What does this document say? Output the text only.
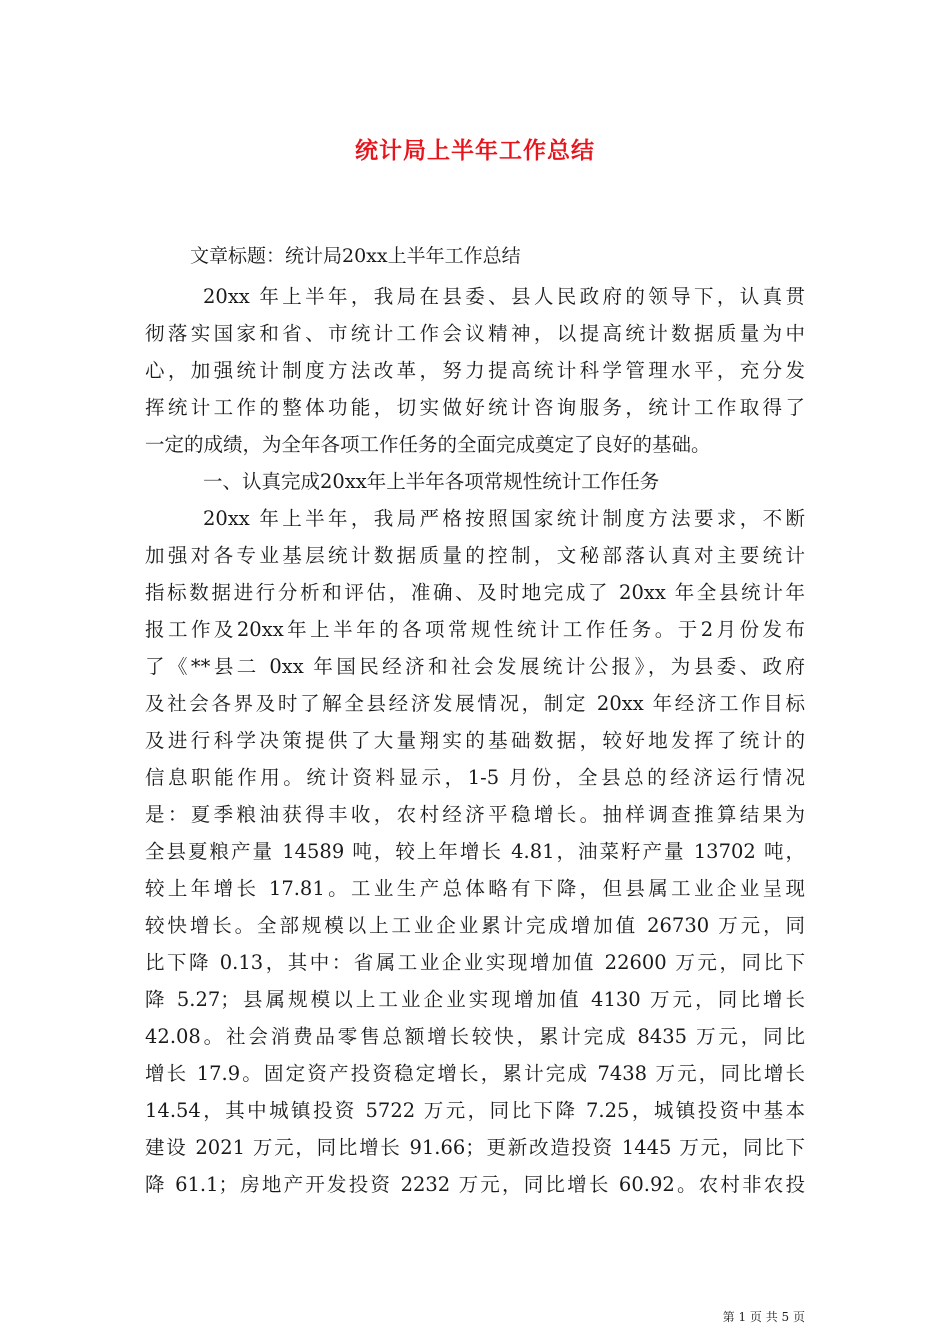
统计局上半年工作总结
文章标题：统计局20xx上半年工作总结
20xx 年上半年，我局在县委、县人民政府的领导下，认真贯
彻落实国家和省、市统计工作会议精神，以提高统计数据质量为中
心，加强统计制度方法改革，努力提高统计科学管理水平，充分发
挥统计工作的整体功能，切实做好统计咨询服务，统计工作取得了
一定的成绩，为全年各项工作任务的全面完成奠定了良好的基础。
一、认真完成20xx年上半年各项常规性统计工作任务
20xx 年上半年，我局严格按照国家统计制度方法要求，不断
加强对各专业基层统计数据质量的控制，文秘部落认真对主要统计
指标数据进行分析和评估，准确、及时地完成了 20xx 年全县统计年
报工作及20xx年上半年的各项常规性统计工作任务。于2月份发布
了《**县二 0xx 年国民经济和社会发展统计公报》，为县委、政府
及社会各界及时了解全县经济发展情况，制定 20xx 年经济工作目标
及进行科学决策提供了大量翔实的基础数据，较好地发挥了统计的
信息职能作用。统计资料显示，1-5 月份，全县总的经济运行情况
是：夏季粮油获得丰收，农村经济平稳增长。抽样调查推算结果为
全县夏粮产量 14589 吨，较上年增长 4.81，油菜籽产量 13702 吨，
较上年增长 17.81。工业生产总体略有下降，但县属工业企业呈现
较快增长。全部规模以上工业企业累计完成增加值 26730 万元，同
比下降 0.13，其中：省属工业企业实现增加值 22600 万元，同比下
降 5.27；县属规模以上工业企业实现增加值 4130 万元，同比增长
42.08。社会消费品零售总额增长较快，累计完成 8435 万元，同比
增长 17.9。固定资产投资稳定增长，累计完成 7438 万元，同比增长
14.54，其中城镇投资 5722 万元，同比下降 7.25，城镇投资中基本
建设 2021 万元，同比增长 91.66；更新改造投资 1445 万元，同比下
降 61.1；房地产开发投资 2232 万元，同比增长 60.92。农村非农投
第 1 页 共 5 页
